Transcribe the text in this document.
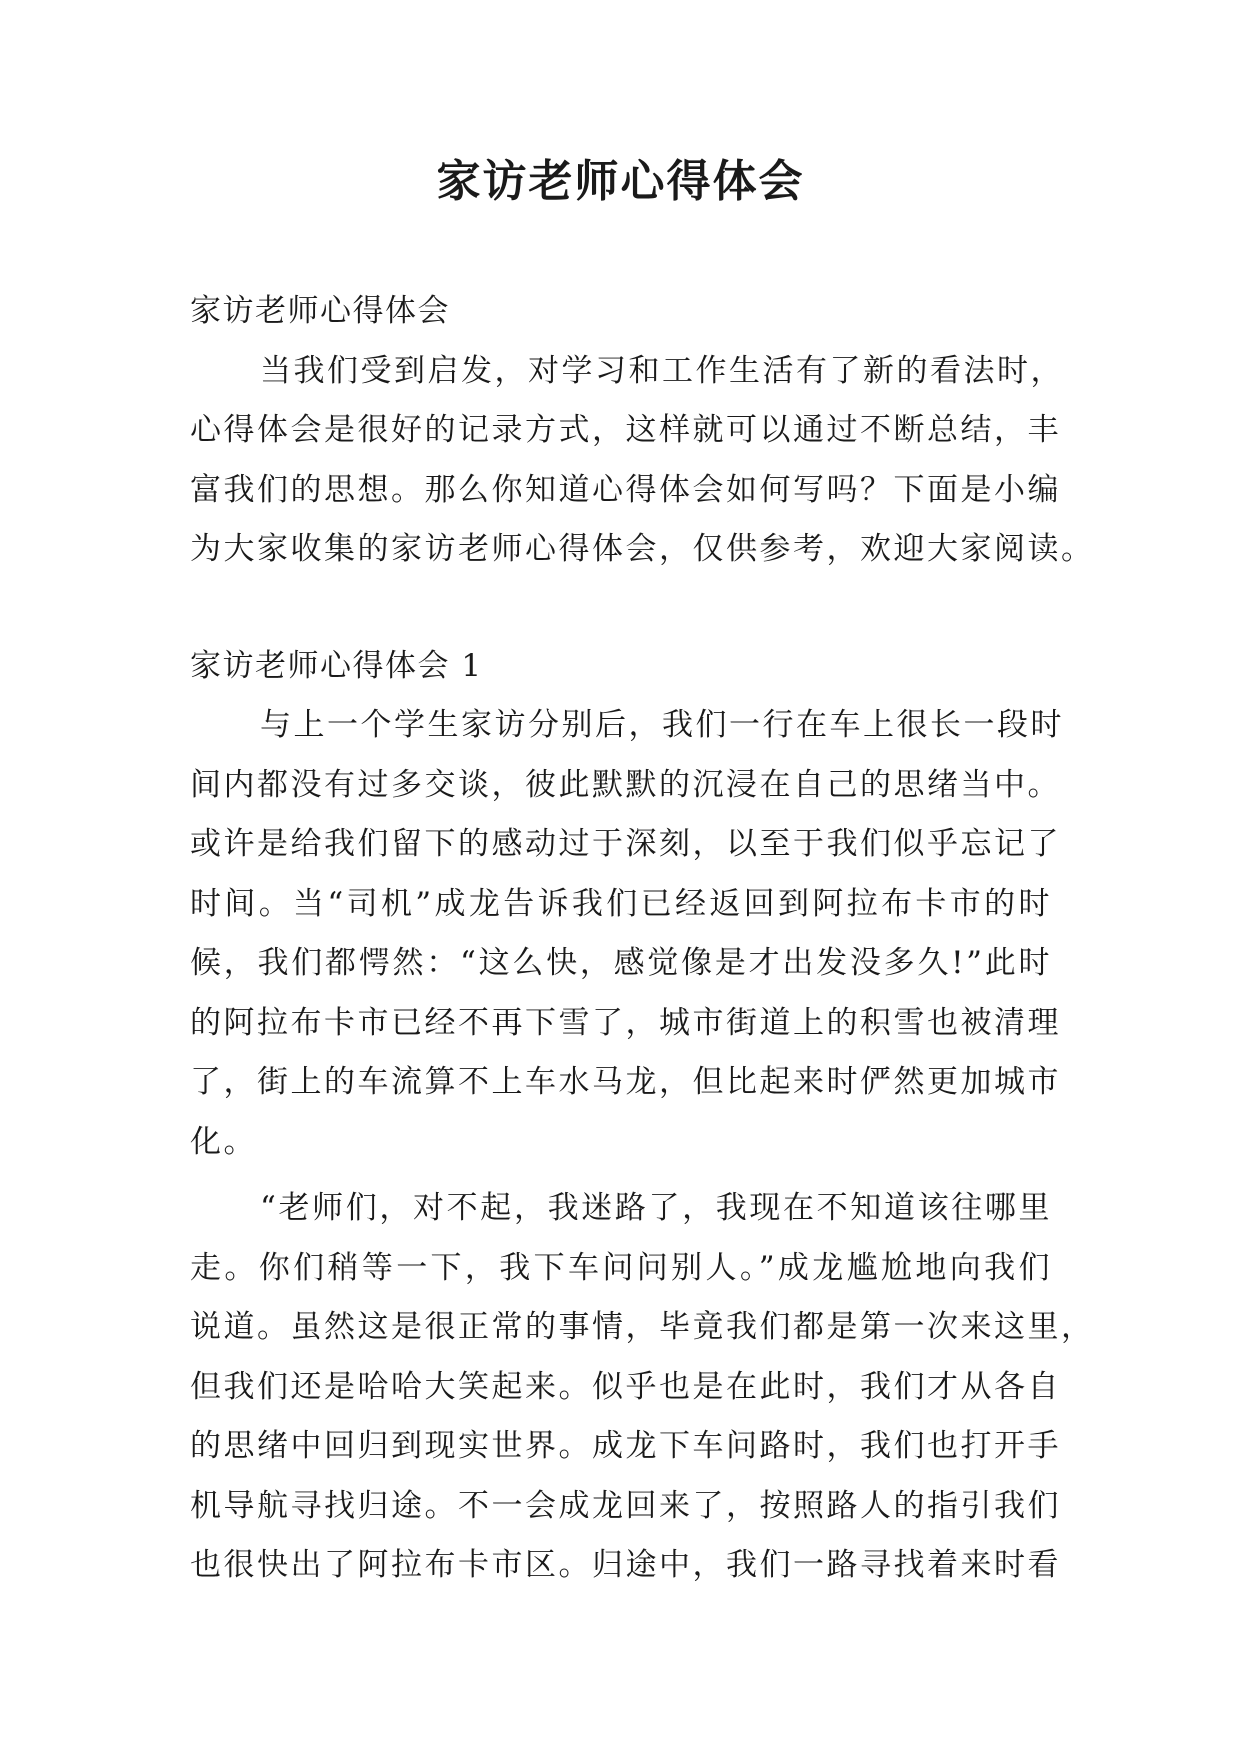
家访老师心得体会
家访老师心得体会
当我们受到启发，对学习和工作生活有了新的看法时，
心得体会是很好的记录方式，这样就可以通过不断总结，丰
富我们的思想。那么你知道心得体会如何写吗？下面是小编
为大家收集的家访老师心得体会，仅供参考，欢迎大家阅读。
家访老师心得体会 1
与上一个学生家访分别后，我们一行在车上很长一段时
间内都没有过多交谈，彼此默默的沉浸在自己的思绪当中。
或许是给我们留下的感动过于深刻，以至于我们似乎忘记了
时间。当“司机”成龙告诉我们已经返回到阿拉布卡市的时
候，我们都愕然：“这么快，感觉像是才出发没多久!”此时
的阿拉布卡市已经不再下雪了，城市街道上的积雪也被清理
了，街上的车流算不上车水马龙，但比起来时俨然更加城市
化。
“老师们，对不起，我迷路了，我现在不知道该往哪里
走。你们稍等一下，我下车问问别人。”成龙尴尬地向我们
说道。虽然这是很正常的事情，毕竟我们都是第一次来这里，
但我们还是哈哈大笑起来。似乎也是在此时，我们才从各自
的思绪中回归到现实世界。成龙下车问路时，我们也打开手
机导航寻找归途。不一会成龙回来了，按照路人的指引我们
也很快出了阿拉布卡市区。归途中，我们一路寻找着来时看
